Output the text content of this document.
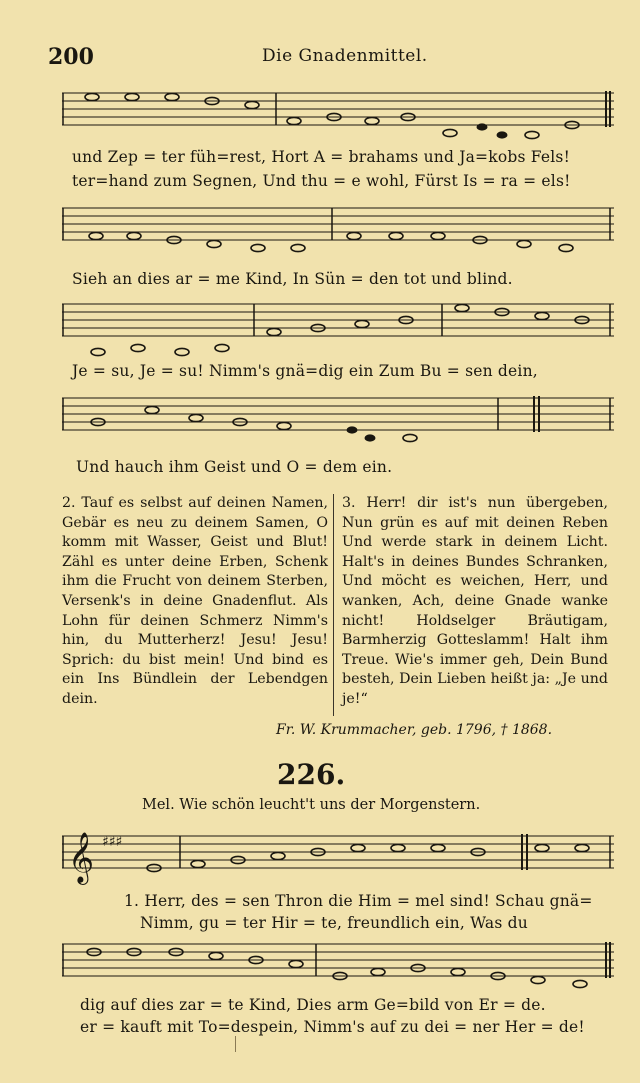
200	Die Gnadenmittel.
und Zep = ter füh=rest, Hort A = brahams und Ja=kobs Fels!
ter=hand zum Segnen, Und thu = e wohl, Fürst Is = ra = els!
Sieh an dies ar = me Kind, In Sün = den tot und blind.
Je = su, Je = su! Nimm's gnä=dig ein Zum Bu = sen dein,
Und hauch ihm Geist und O = dem ein.
2. Tauf es selbst auf deinen Namen, Gebär es neu zu deinem Samen, O komm mit Wasser, Geist und Blut! Zähl es unter deine Erben, Schenk ihm die Frucht von deinem Sterben, Versenk's in deine Gnadenflut. Als Lohn für deinen Schmerz Nimm's hin, du Mutterherz! Jesu! Jesu! Sprich: du bist mein! Und bind es ein Ins Bündlein der Lebendgen dein.
3. Herr! dir ist's nun übergeben, Nun grün es auf mit deinen Reben Und werde stark in deinem Licht. Halt's in deines Bundes Schranken, Und möcht es weichen, Herr, und wanken, Ach, deine Gnade wanke nicht! Holdselger Bräutigam, Barmherzig Gotteslamm! Halt ihm Treue. Wie's immer geh, Dein Bund besteh, Dein Lieben heißt ja: „Je und je!“
Fr. W. Krummacher, geb. 1796, † 1868.
226.
Mel. Wie schön leucht't uns der Morgenstern.
𝄞 ♯♯♯
1. Herr, des = sen Thron die Him = mel sind! Schau gnä=
Nimm, gu = ter Hir = te, freundlich ein, Was du
dig auf dies zar = te Kind, Dies arm Ge=bild von Er = de.
er = kauft mit To=despein, Nimm's auf zu dei = ner Her = de!
